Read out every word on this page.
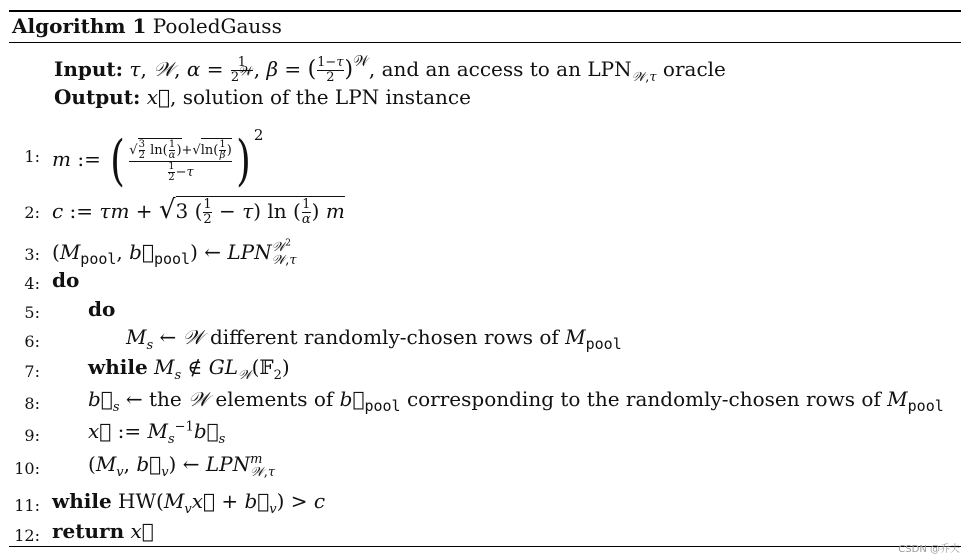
Algorithm 1 PooledGauss
Input: τ, 𝒲, $\alpha = \frac{1}{2^𝒲}$ , β = ( $\frac{1-\tau}{2} )^𝒲$, and an access to an $LPN_{𝒲,\tau}$ oracle
Output: x⃗, solution of the LPN instance
1: m := ( $\frac{√ \frac{3}{2} \ln( \frac{1}{\alpha} )+√\ln( \frac{1}{\beta} )}{\frac{1}{2} -\tau}$ ) $^2$
2: c := τm + √3 ( $\frac{1}{2} - \tau$) ln ( $\frac{1}{\alpha}$ ) m
3: ($M_{pool}$, $b⃗_{pool}$) ← LPN 𝒲$^2$
𝒲,τ
4: do
5: do
6:	$M_s$ ← 𝒲 different randomly-chosen rows of $M_{pool}$
7: while $M_s$ ∉ $GL_𝒲(𝔽_2)$
8: $b⃗_s$ ← the 𝒲 elements of $b⃗_{pool}$ corresponding to the randomly-chosen rows of $M_{pool}$
9: x⃗ := $M_s^{-1}b⃗_s$
10: ($M_v$, $b⃗_v$) ← LPN m
𝒲,τ
11: while $HW(M_vx⃗$ + $b⃗_v) > c$
12: return x⃗
CSDN @乔夫
